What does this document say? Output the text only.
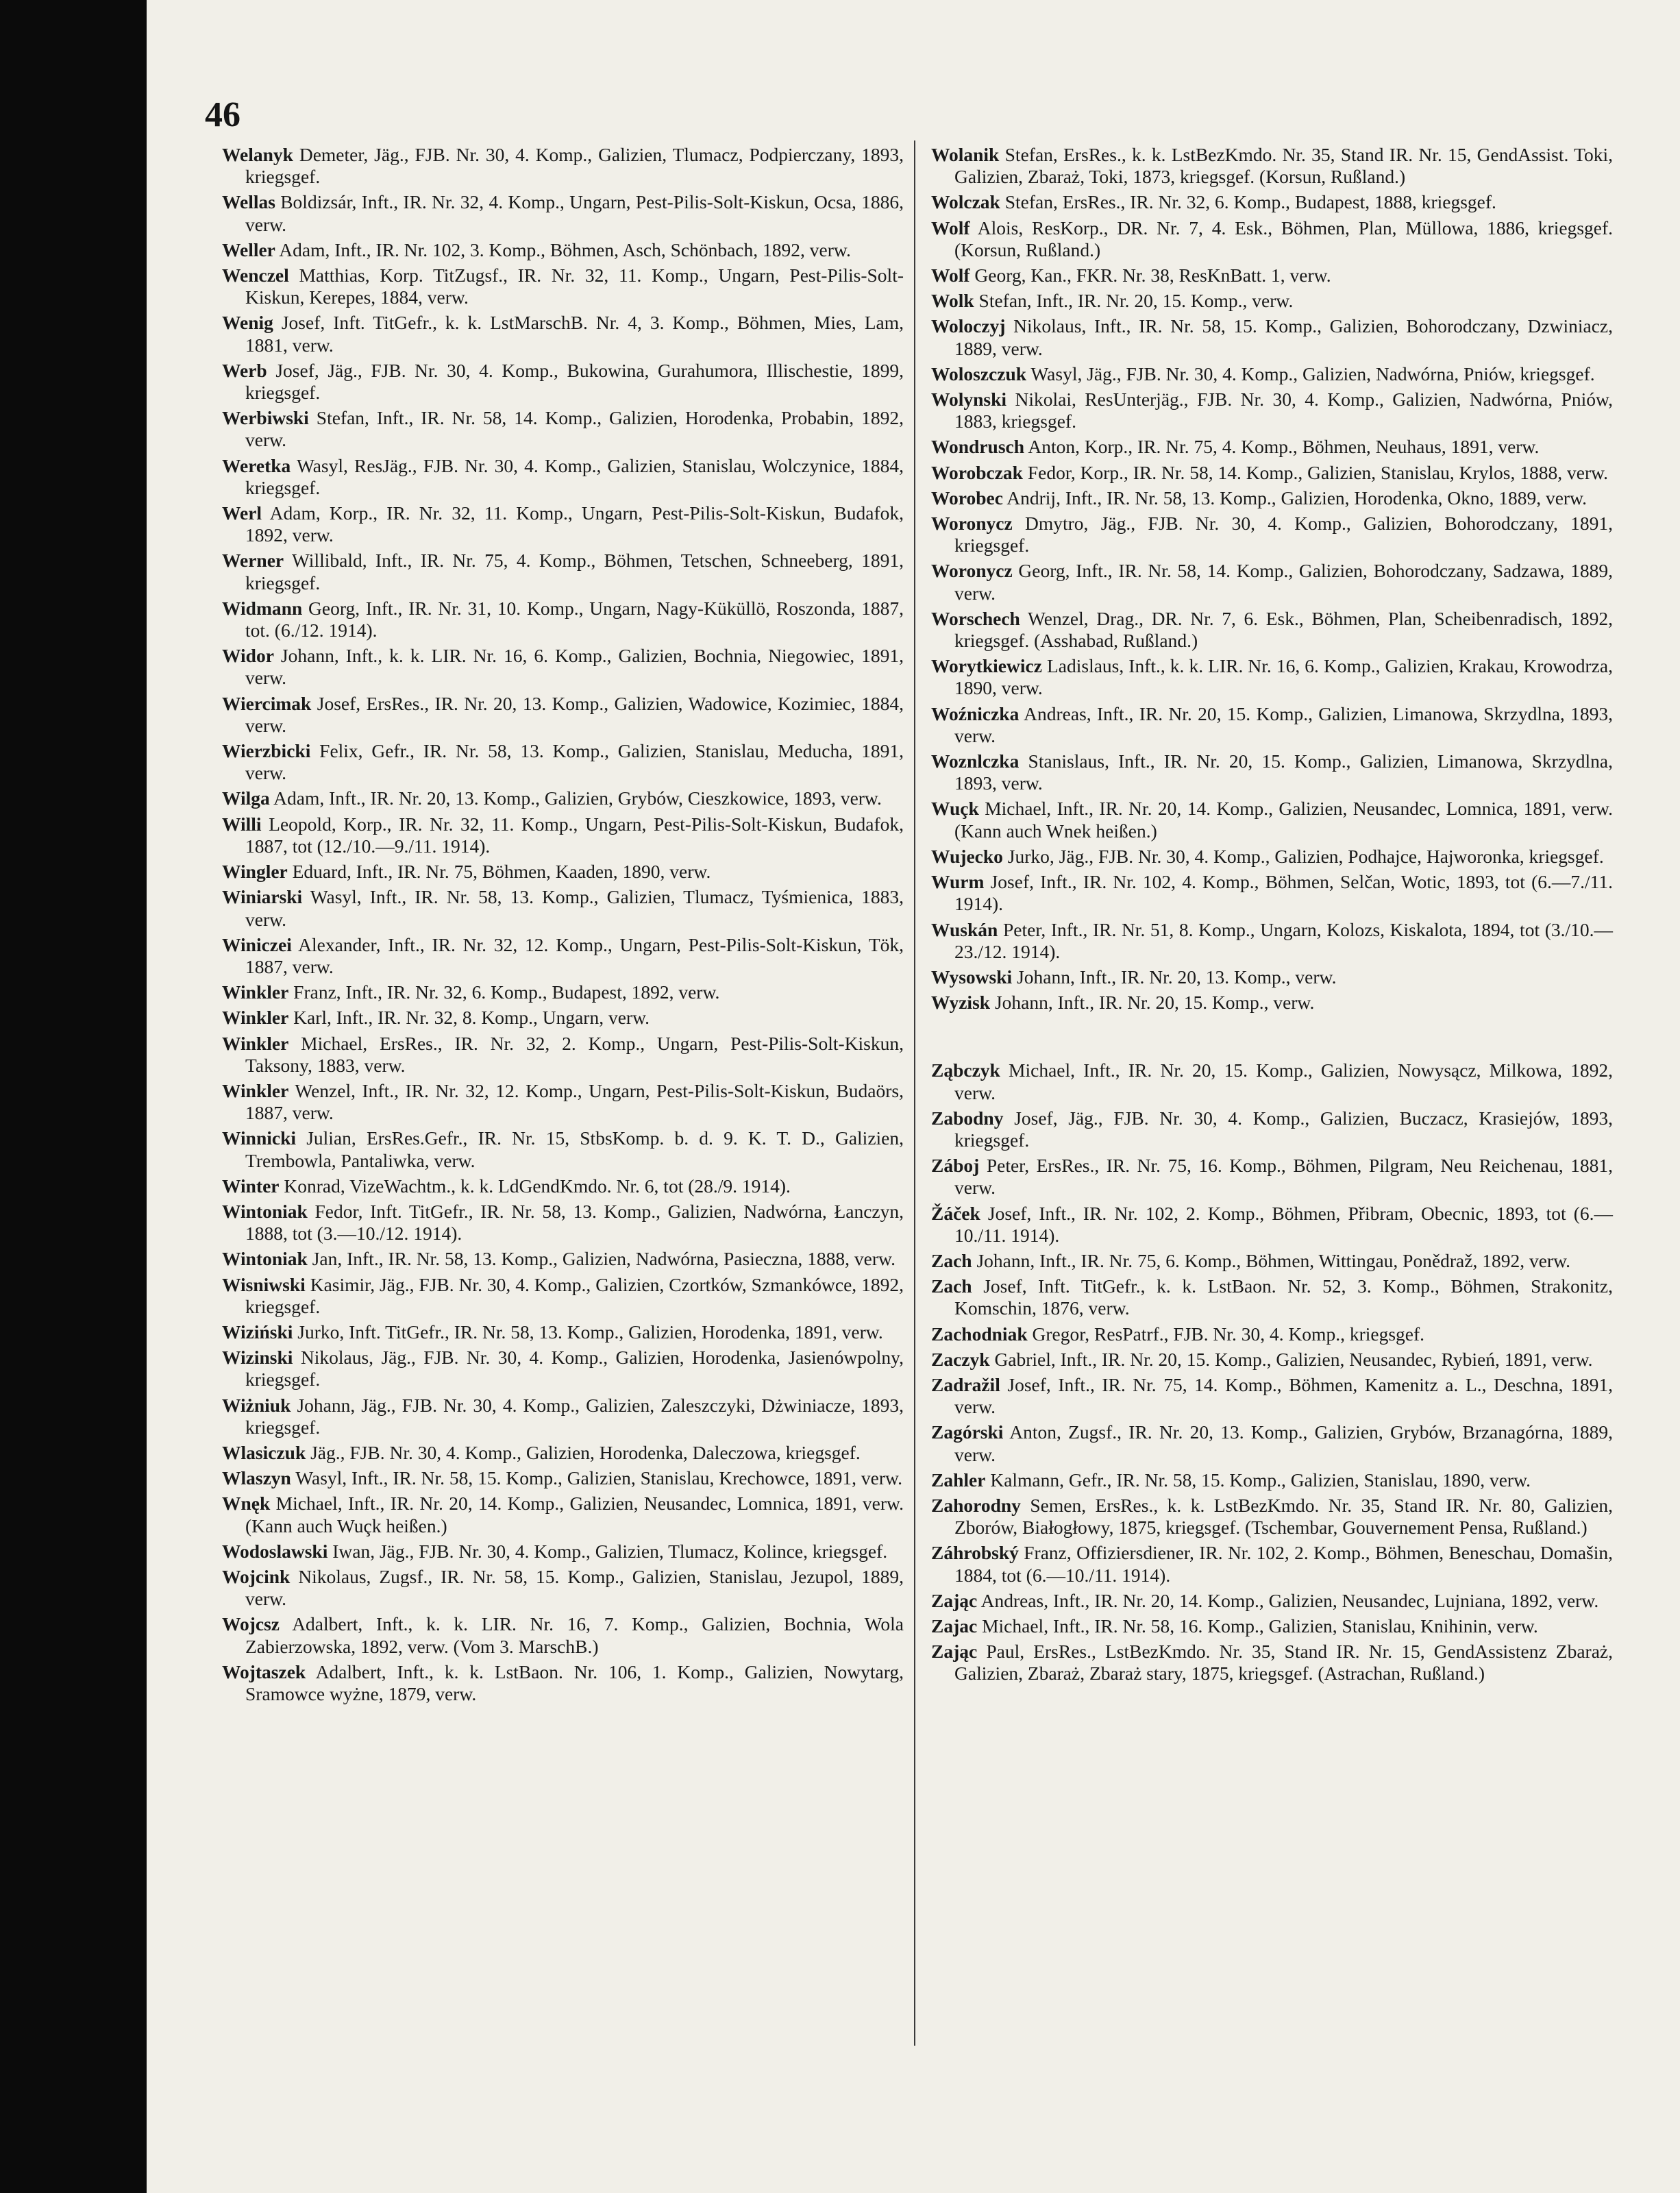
46

Welanyk Demeter, Jäg., FJB. Nr. 30, 4. Komp., Galizien, Tlumacz, Podpierczany, 1893, kriegsgef.

Wellas Boldizsár, Inft., IR. Nr. 32, 4. Komp., Ungarn, Pest-Pilis-Solt-Kiskun, Ocsa, 1886, verw.

Weller Adam, Inft., IR. Nr. 102, 3. Komp., Böhmen, Asch, Schönbach, 1892, verw.

Wenczel Matthias, Korp. TitZugsf., IR. Nr. 32, 11. Komp., Ungarn, Pest-Pilis-Solt-Kiskun, Kerepes, 1884, verw.

Wenig Josef, Inft. TitGefr., k. k. LstMarschB. Nr. 4, 3. Komp., Böhmen, Mies, Lam, 1881, verw.

Werb Josef, Jäg., FJB. Nr. 30, 4. Komp., Bukowina, Gurahumora, Illischestie, 1899, kriegsgef.

Werbiwski Stefan, Inft., IR. Nr. 58, 14. Komp., Galizien, Horodenka, Probabin, 1892, verw.

Weretka Wasyl, ResJäg., FJB. Nr. 30, 4. Komp., Galizien, Stanislau, Wolczynice, 1884, kriegsgef.

Werl Adam, Korp., IR. Nr. 32, 11. Komp., Ungarn, Pest-Pilis-Solt-Kiskun, Budafok, 1892, verw.

Werner Willibald, Inft., IR. Nr. 75, 4. Komp., Böhmen, Tetschen, Schneeberg, 1891, kriegsgef.

Widmann Georg, Inft., IR. Nr. 31, 10. Komp., Ungarn, Nagy-Küküllö, Roszonda, 1887, tot. (6./12. 1914).

Widor Johann, Inft., k. k. LIR. Nr. 16, 6. Komp., Galizien, Bochnia, Niegowiec, 1891, verw.

Wiercimak Josef, ErsRes., IR. Nr. 20, 13. Komp., Galizien, Wadowice, Kozimiec, 1884, verw.

Wierzbicki Felix, Gefr., IR. Nr. 58, 13. Komp., Galizien, Stanislau, Meducha, 1891, verw.

Wilga Adam, Inft., IR. Nr. 20, 13. Komp., Galizien, Grybów, Cieszkowice, 1893, verw.

Willi Leopold, Korp., IR. Nr. 32, 11. Komp., Ungarn, Pest-Pilis-Solt-Kiskun, Budafok, 1887, tot (12./10.—9./11. 1914).

Wingler Eduard, Inft., IR. Nr. 75, Böhmen, Kaaden, 1890, verw.

Winiarski Wasyl, Inft., IR. Nr. 58, 13. Komp., Galizien, Tlumacz, Tyśmienica, 1883, verw.

Winiczei Alexander, Inft., IR. Nr. 32, 12. Komp., Ungarn, Pest-Pilis-Solt-Kiskun, Tök, 1887, verw.

Winkler Franz, Inft., IR. Nr. 32, 6. Komp., Budapest, 1892, verw.

Winkler Karl, Inft., IR. Nr. 32, 8. Komp., Ungarn, verw.

Winkler Michael, ErsRes., IR. Nr. 32, 2. Komp., Ungarn, Pest-Pilis-Solt-Kiskun, Taksony, 1883, verw.

Winkler Wenzel, Inft., IR. Nr. 32, 12. Komp., Ungarn, Pest-Pilis-Solt-Kiskun, Budaörs, 1887, verw.

Winnicki Julian, ErsRes.Gefr., IR. Nr. 15, StbsKomp. b. d. 9. K. T. D., Galizien, Trembowla, Pantaliwka, verw.

Winter Konrad, VizeWachtm., k. k. LdGendKmdo. Nr. 6, tot (28./9. 1914).

Wintoniak Fedor, Inft. TitGefr., IR. Nr. 58, 13. Komp., Galizien, Nadwórna, Łanczyn, 1888, tot (3.—10./12. 1914).

Wintoniak Jan, Inft., IR. Nr. 58, 13. Komp., Galizien, Nadwórna, Pasieczna, 1888, verw.

Wisniwski Kasimir, Jäg., FJB. Nr. 30, 4. Komp., Galizien, Czortków, Szmankówce, 1892, kriegsgef.

Wiziński Jurko, Inft. TitGefr., IR. Nr. 58, 13. Komp., Galizien, Horodenka, 1891, verw.

Wizinski Nikolaus, Jäg., FJB. Nr. 30, 4. Komp., Galizien, Horodenka, Jasienówpolny, kriegsgef.

Wiżniuk Johann, Jäg., FJB. Nr. 30, 4. Komp., Galizien, Zaleszczyki, Dżwiniacze, 1893, kriegsgef.

Wlasiczuk Jäg., FJB. Nr. 30, 4. Komp., Galizien, Horodenka, Daleczowa, kriegsgef.

Wlaszyn Wasyl, Inft., IR. Nr. 58, 15. Komp., Galizien, Stanislau, Krechowce, 1891, verw.

Wnęk Michael, Inft., IR. Nr. 20, 14. Komp., Galizien, Neusandec, Lomnica, 1891, verw. (Kann auch Wuçk heißen.)

Wodoslawski Iwan, Jäg., FJB. Nr. 30, 4. Komp., Galizien, Tlumacz, Kolince, kriegsgef.

Wojcink Nikolaus, Zugsf., IR. Nr. 58, 15. Komp., Galizien, Stanislau, Jezupol, 1889, verw.

Wojcsz Adalbert, Inft., k. k. LIR. Nr. 16, 7. Komp., Galizien, Bochnia, Wola Zabierzowska, 1892, verw. (Vom 3. MarschB.)

Wojtaszek Adalbert, Inft., k. k. LstBaon. Nr. 106, 1. Komp., Galizien, Nowytarg, Sramowce wyżne, 1879, verw.

Wolanik Stefan, ErsRes., k. k. LstBezKmdo. Nr. 35, Stand IR. Nr. 15, GendAssist. Toki, Galizien, Zbaraż, Toki, 1873, kriegsgef. (Korsun, Rußland.)

Wolczak Stefan, ErsRes., IR. Nr. 32, 6. Komp., Budapest, 1888, kriegsgef.

Wolf Alois, ResKorp., DR. Nr. 7, 4. Esk., Böhmen, Plan, Müllowa, 1886, kriegsgef. (Korsun, Rußland.)

Wolf Georg, Kan., FKR. Nr. 38, ResKnBatt. 1, verw.

Wolk Stefan, Inft., IR. Nr. 20, 15. Komp., verw.

Woloczyj Nikolaus, Inft., IR. Nr. 58, 15. Komp., Galizien, Bohorodczany, Dzwiniacz, 1889, verw.

Woloszczuk Wasyl, Jäg., FJB. Nr. 30, 4. Komp., Galizien, Nadwórna, Pniów, kriegsgef.

Wolynski Nikolai, ResUnterjäg., FJB. Nr. 30, 4. Komp., Galizien, Nadwórna, Pniów, 1883, kriegsgef.

Wondrusch Anton, Korp., IR. Nr. 75, 4. Komp., Böhmen, Neuhaus, 1891, verw.

Worobczak Fedor, Korp., IR. Nr. 58, 14. Komp., Galizien, Stanislau, Krylos, 1888, verw.

Worobec Andrij, Inft., IR. Nr. 58, 13. Komp., Galizien, Horodenka, Okno, 1889, verw.

Woronycz Dmytro, Jäg., FJB. Nr. 30, 4. Komp., Galizien, Bohorodczany, 1891, kriegsgef.

Woronycz Georg, Inft., IR. Nr. 58, 14. Komp., Galizien, Bohorodczany, Sadzawa, 1889, verw.

Worschech Wenzel, Drag., DR. Nr. 7, 6. Esk., Böhmen, Plan, Scheibenradisch, 1892, kriegsgef. (Asshabad, Rußland.)

Worytkiewicz Ladislaus, Inft., k. k. LIR. Nr. 16, 6. Komp., Galizien, Krakau, Krowodrza, 1890, verw.

Woźniczka Andreas, Inft., IR. Nr. 20, 15. Komp., Galizien, Limanowa, Skrzydlna, 1893, verw.

Woznlczka Stanislaus, Inft., IR. Nr. 20, 15. Komp., Galizien, Limanowa, Skrzydlna, 1893, verw.

Wuçk Michael, Inft., IR. Nr. 20, 14. Komp., Galizien, Neusandec, Lomnica, 1891, verw. (Kann auch Wnek heißen.)

Wujecko Jurko, Jäg., FJB. Nr. 30, 4. Komp., Galizien, Podhajce, Hajworonka, kriegsgef.

Wurm Josef, Inft., IR. Nr. 102, 4. Komp., Böhmen, Selčan, Wotic, 1893, tot (6.—7./11. 1914).

Wuskán Peter, Inft., IR. Nr. 51, 8. Komp., Ungarn, Kolozs, Kiskalota, 1894, tot (3./10.—23./12. 1914).

Wysowski Johann, Inft., IR. Nr. 20, 13. Komp., verw.

Wyzisk Johann, Inft., IR. Nr. 20, 15. Komp., verw.

Ząbczyk Michael, Inft., IR. Nr. 20, 15. Komp., Galizien, Nowysącz, Milkowa, 1892, verw.

Zabodny Josef, Jäg., FJB. Nr. 30, 4. Komp., Galizien, Buczacz, Krasiejów, 1893, kriegsgef.

Záboj Peter, ErsRes., IR. Nr. 75, 16. Komp., Böhmen, Pilgram, Neu Reichenau, 1881, verw.

Žáček Josef, Inft., IR. Nr. 102, 2. Komp., Böhmen, Přibram, Obecnic, 1893, tot (6.—10./11. 1914).

Zach Johann, Inft., IR. Nr. 75, 6. Komp., Böhmen, Wittingau, Ponědraž, 1892, verw.

Zach Josef, Inft. TitGefr., k. k. LstBaon. Nr. 52, 3. Komp., Böhmen, Strakonitz, Komschin, 1876, verw.

Zachodniak Gregor, ResPatrf., FJB. Nr. 30, 4. Komp., kriegsgef.

Zaczyk Gabriel, Inft., IR. Nr. 20, 15. Komp., Galizien, Neusandec, Rybień, 1891, verw.

Zadražil Josef, Inft., IR. Nr. 75, 14. Komp., Böhmen, Kamenitz a. L., Deschna, 1891, verw.

Zagórski Anton, Zugsf., IR. Nr. 20, 13. Komp., Galizien, Grybów, Brzanagórna, 1889, verw.

Zahler Kalmann, Gefr., IR. Nr. 58, 15. Komp., Galizien, Stanislau, 1890, verw.

Zahorodny Semen, ErsRes., k. k. LstBezKmdo. Nr. 35, Stand IR. Nr. 80, Galizien, Zborów, Białogłowy, 1875, kriegsgef. (Tschembar, Gouvernement Pensa, Rußland.)

Záhrobský Franz, Offiziersdiener, IR. Nr. 102, 2. Komp., Böhmen, Beneschau, Domašin, 1884, tot (6.—10./11. 1914).

Zając Andreas, Inft., IR. Nr. 20, 14. Komp., Galizien, Neusandec, Lujniana, 1892, verw.

Zajac Michael, Inft., IR. Nr. 58, 16. Komp., Galizien, Stanislau, Knihinin, verw.

Zając Paul, ErsRes., LstBezKmdo. Nr. 35, Stand IR. Nr. 15, GendAssistenz Zbaraż, Galizien, Zbaraż, Zbaraż stary, 1875, kriegsgef. (Astrachan, Rußland.)
